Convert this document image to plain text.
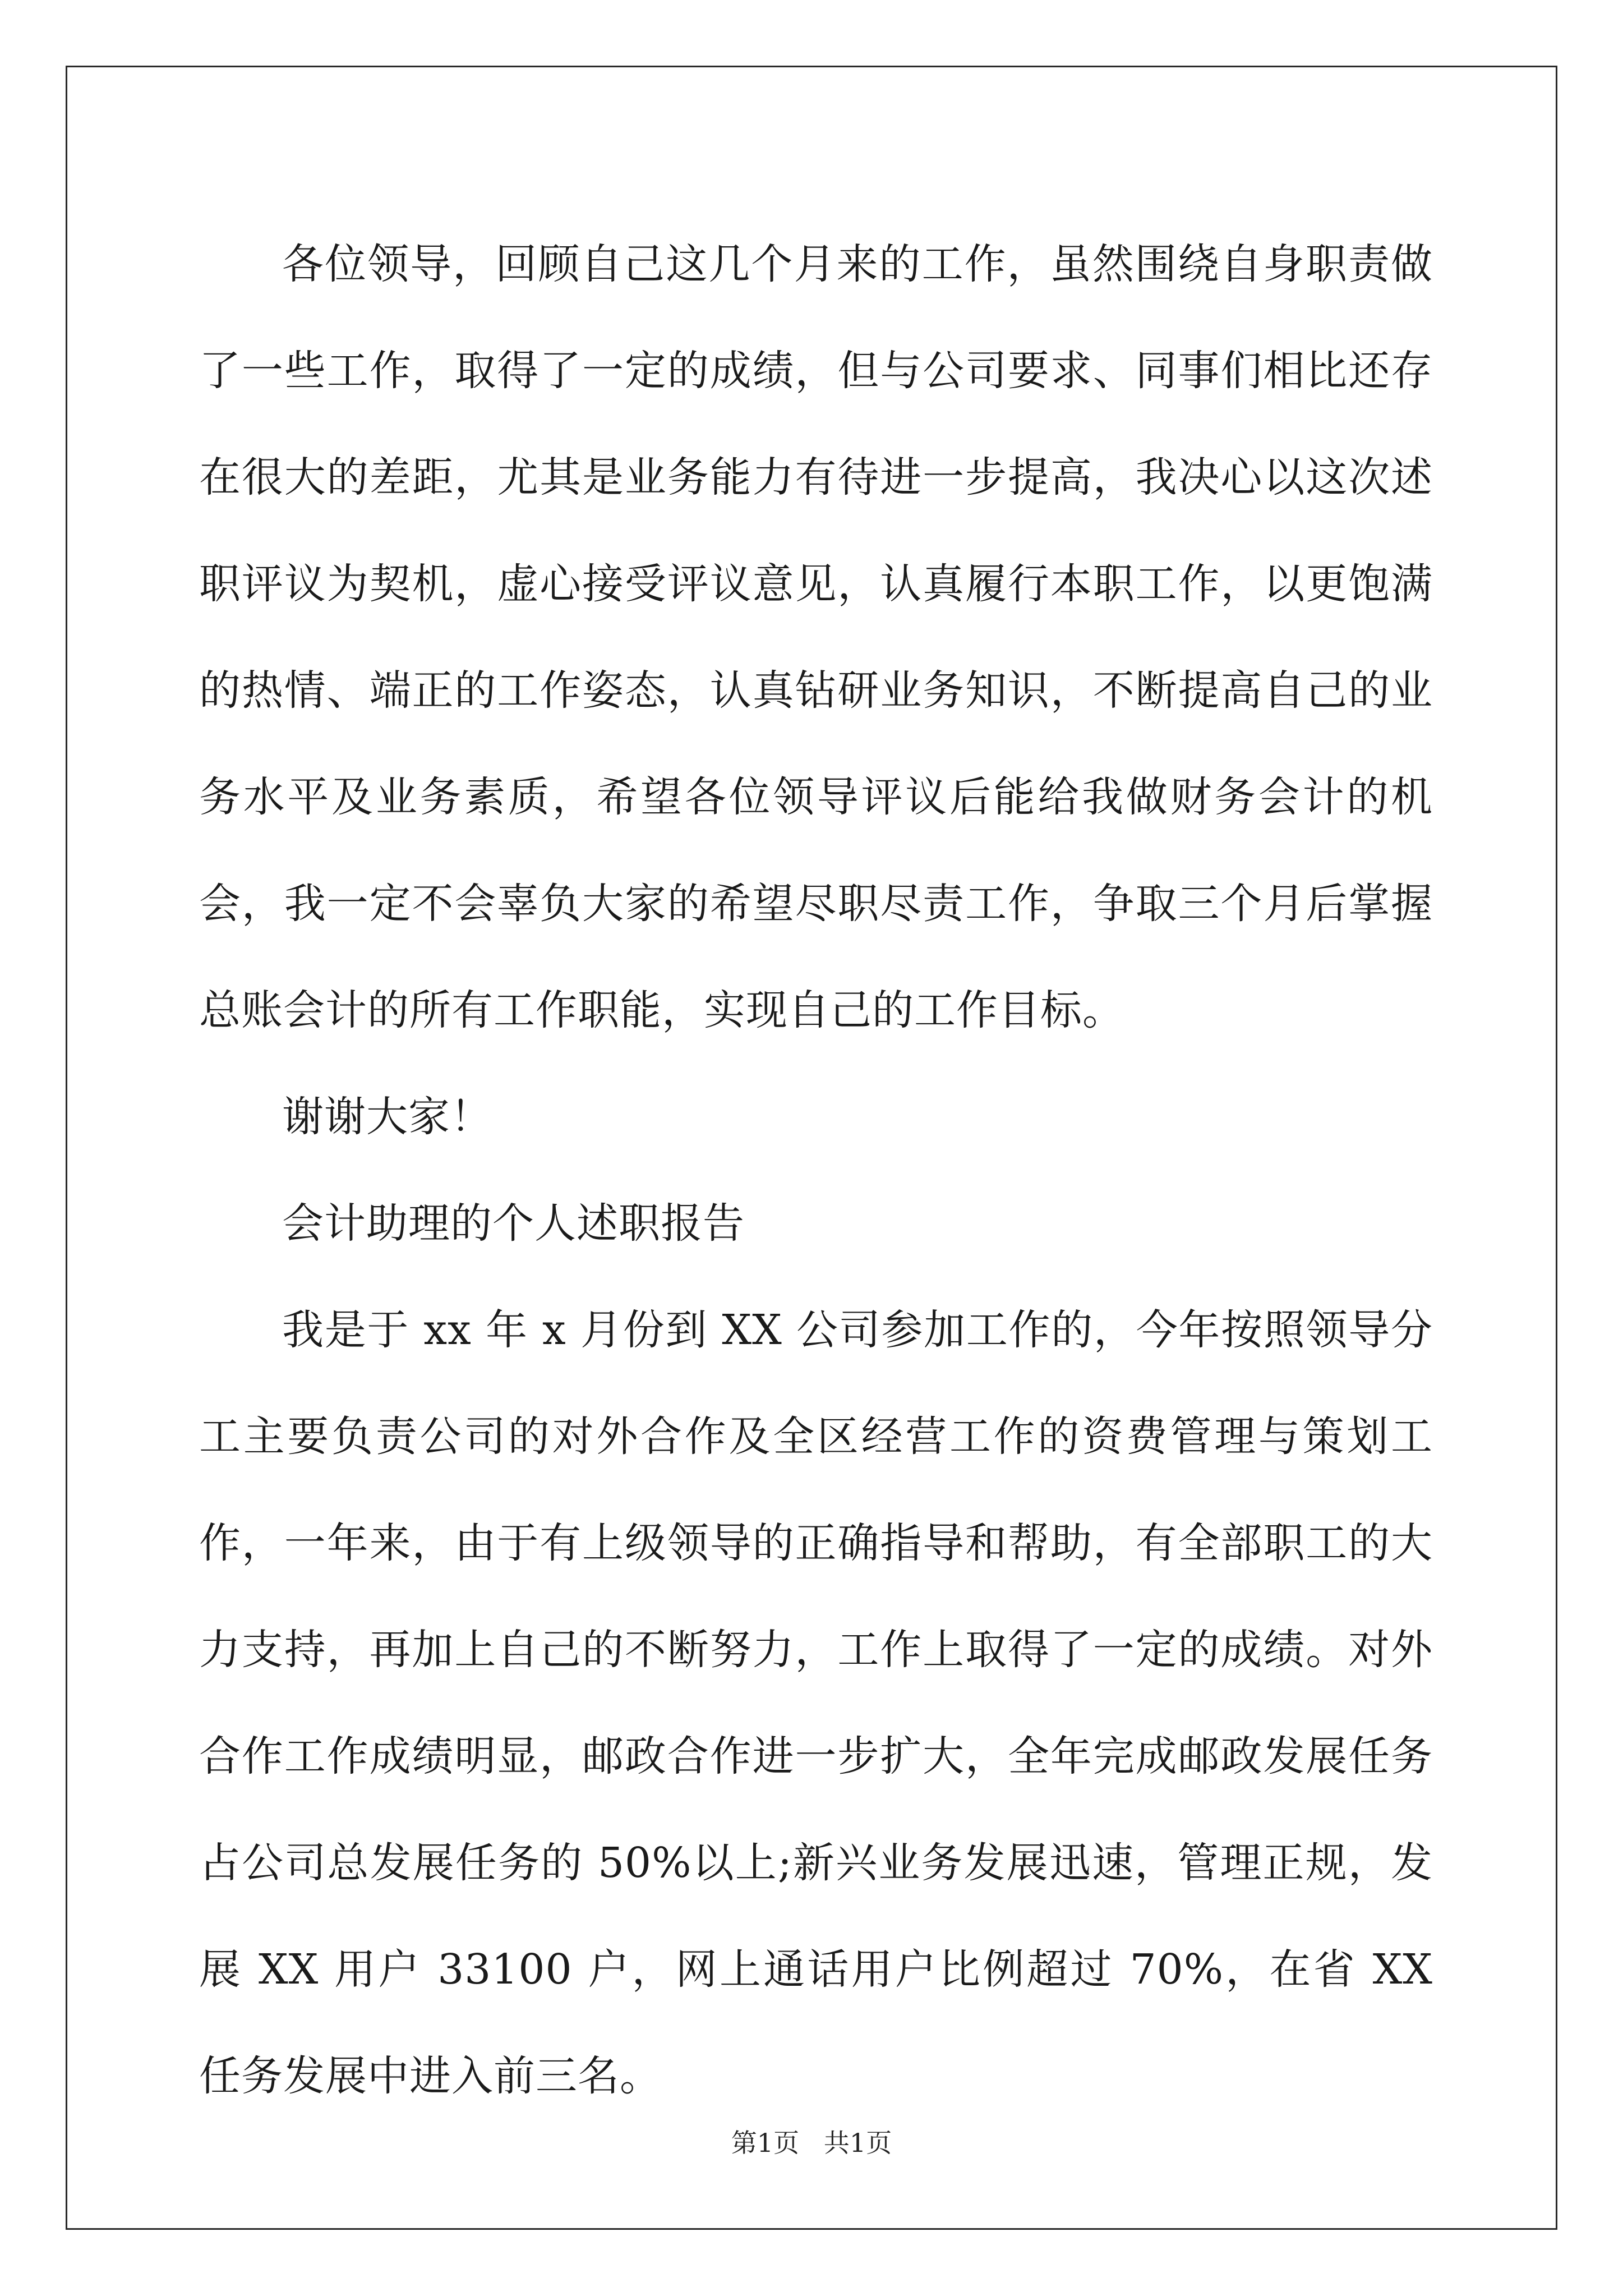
各位领导，回顾自己这几个月来的工作，虽然围绕自身职责做了一些工作，取得了一定的成绩，但与公司要求、同事们相比还存在很大的差距，尤其是业务能力有待进一步提高，我决心以这次述职评议为契机，虚心接受评议意见，认真履行本职工作，以更饱满的热情、端正的工作姿态，认真钻研业务知识，不断提高自己的业务水平及业务素质，希望各位领导评议后能给我做财务会计的机会，我一定不会辜负大家的希望尽职尽责工作，争取三个月后掌握总账会计的所有工作职能，实现自己的工作目标。

谢谢大家！

会计助理的个人述职报告

我是于 xx 年 x 月份到 XX 公司参加工作的，今年按照领导分工主要负责公司的对外合作及全区经营工作的资费管理与策划工作，一年来，由于有上级领导的正确指导和帮助，有全部职工的大力支持，再加上自己的不断努力，工作上取得了一定的成绩。对外合作工作成绩明显，邮政合作进一步扩大，全年完成邮政发展任务占公司总发展任务的 50%以上;新兴业务发展迅速，管理正规，发展 XX 用户 33100 户，网上通话用户比例超过 70%，在省 XX 任务发展中进入前三名。

第1页   共1页
